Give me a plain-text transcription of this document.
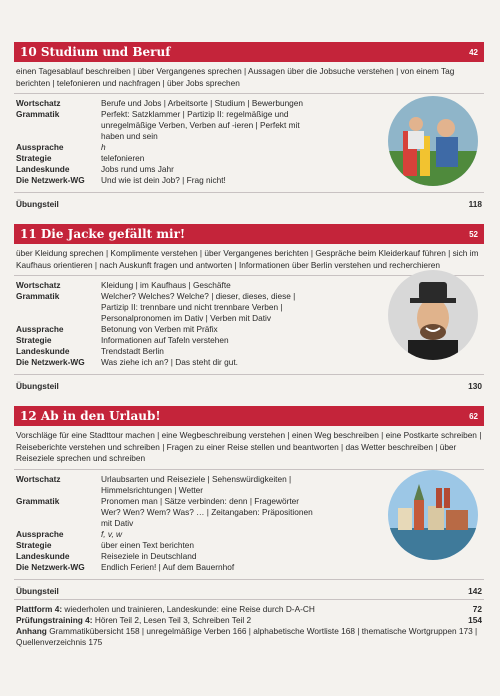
10 Studium und Beruf	42
einen Tagesablauf beschreiben | über Vergangenes sprechen | Aussagen über die Jobsuche verstehen | von einem Tag berichten | telefonieren und nachfragen | über Jobs sprechen
Wortschatz	Berufe und Jobs | Arbeitsorte | Studium | Bewerbungen
Grammatik	Perfekt: Satzklammer | Partizip II: regelmäßige und unregelmäßige Verben, Verben auf -ieren | Perfekt mit haben und sein
Aussprache	h
Strategie	telefonieren
Landeskunde	Jobs rund ums Jahr
Die Netzwerk-WG	Und wie ist dein Job? | Frag nicht!
Übungsteil	118
11 Die Jacke gefällt mir!	52
über Kleidung sprechen | Komplimente verstehen | über Vergangenes berichten | Gespräche beim Kleiderkauf führen | sich im Kaufhaus orientieren | nach Auskunft fragen und antworten | Informationen über Berlin verstehen und recherchieren
Wortschatz	Kleidung | im Kaufhaus | Geschäfte
Grammatik	Welcher? Welches? Welche? | dieser, dieses, diese | Partizip II: trennbare und nicht trennbare Verben | Personalpronomen im Dativ | Verben mit Dativ
Aussprache	Betonung von Verben mit Präfix
Strategie	Informationen auf Tafeln verstehen
Landeskunde	Trendstadt Berlin
Die Netzwerk-WG	Was ziehe ich an? | Das steht dir gut.
Übungsteil	130
12 Ab in den Urlaub!	62
Vorschläge für eine Stadttour machen | eine Wegbeschreibung verstehen | einen Weg beschreiben | eine Postkarte schreiben | Reiseberichte verstehen und schreiben | Fragen zu einer Reise stellen und beantworten | das Wetter beschreiben | über Reiseziele sprechen und schreiben
Wortschatz	Urlaubsarten und Reiseziele | Sehenswürdigkeiten | Himmelsrichtungen | Wetter
Grammatik	Pronomen man | Sätze verbinden: denn | Fragewörter Wer? Wen? Wem? Was? … | Zeitangaben: Präpositionen mit Dativ
Aussprache	f, v, w
Strategie	über einen Text berichten
Landeskunde	Reiseziele in Deutschland
Die Netzwerk-WG	Endlich Ferien! | Auf dem Bauernhof
Übungsteil	142
Plattform 4: wiederholen und trainieren, Landeskunde: eine Reise durch D-A-CH	72
Prüfungstraining 4: Hören Teil 2, Lesen Teil 3, Schreiben Teil 2	154
Anhang Grammatikübersicht 158 | unregelmäßige Verben 166 | alphabetische Wortliste 168 | thematische Wortgruppen 173 | Quellenverzeichnis 175
